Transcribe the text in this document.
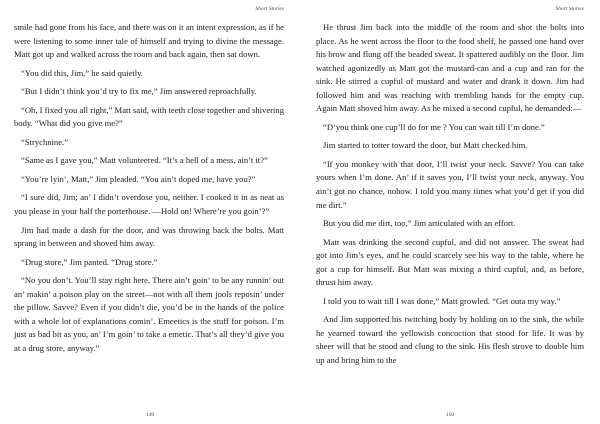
Short Stories

smile had gone from his face, and there was on it an intent expression, as if he were listening to some inner tale of himself and trying to divine the message. Matt got up and walked across the room and back again, then sat down.

“You did this, Jim,” he said quietly.

“But I didn’t think you’d try to fix me,” Jim answered reproachfully.

“Oh, I fixed you all right,” Matt said, with teeth close together and shivering body. “What did you give me?”

“Strychnine.”

“Same as I gave you,” Matt volunteered. “It’s a hell of a mess, ain’t it?”

“You’re lyin’, Matt,” Jim pleaded. “You ain’t doped me, have you?”

“I sure did, Jim; an’ I didn’t overdose you, neither. I cooked it in as neat as you please in your half the porterhouse. —Hold on! Where’re you goin’?”

Jim had made a dash for the door, and was throwing back the bolts. Matt sprang in between and shoved him away.

“Drug store,” Jim panted. “Drug store.”

“No you don’t. You’ll stay right here. There ain’t goin’ to be any runnin’ out an’ makin’ a poison play on the street—not with all them jools reposin’ under the pillow. Savve? Even if you didn’t die, you’d be in the hands of the police with a whole lot of explanations comin’. Emeetics is the stuff for poison. I’m just as bad bit as you, an’ I’m goin’ to take a emetic. That’s all they’d give you at a drug store, anyway.”

149
Short Stories

He thrust Jim back into the middle of the room and shot the bolts into place. As he went across the floor to the food shelf, he passed one hand over his brow and flung off the beaded sweat. It spattered audibly on the floor. Jim watched agonizedly as Matt got the mustard-can and a cup and ran for the sink. He stirred a cupful of mustard and water and drank it down. Jim had followed him and was reaching with trembling hands for the empty cup. Again Matt shoved him away. As he mixed a second cupful, he demanded:—

“D’you think one cup’ll do for me ? You can wait till I’m done.”

Jim started to totter toward the door, but Matt checked him.

“If you monkey with that door, I’ll twist your neck. Savve? You can take yours when I’m done. An’ if it saves you, I’ll twist your neck, anyway. You ain’t got no chance, nohow. I told you many times what you’d get if you did me dirt.”

But you did me dirt, too,” Jim articulated with an effort.

Matt was drinking the second cupful, and did not answer. The sweat had got into Jim’s eyes, and he could scarcely see his way to the table, where he got a cup for himself. But Matt was mixing a third cupful, and, as before, thrust him away.

I told you to wait till I was done,” Matt growled. “Get outa my way.”

And Jim supported his twitching body by holding on to the sink, the while he yearned toward the yellowish concoction that stood for life. It was by sheer will that he stood and clung to the sink. His flesh strove to double him up and bring him to the

150
